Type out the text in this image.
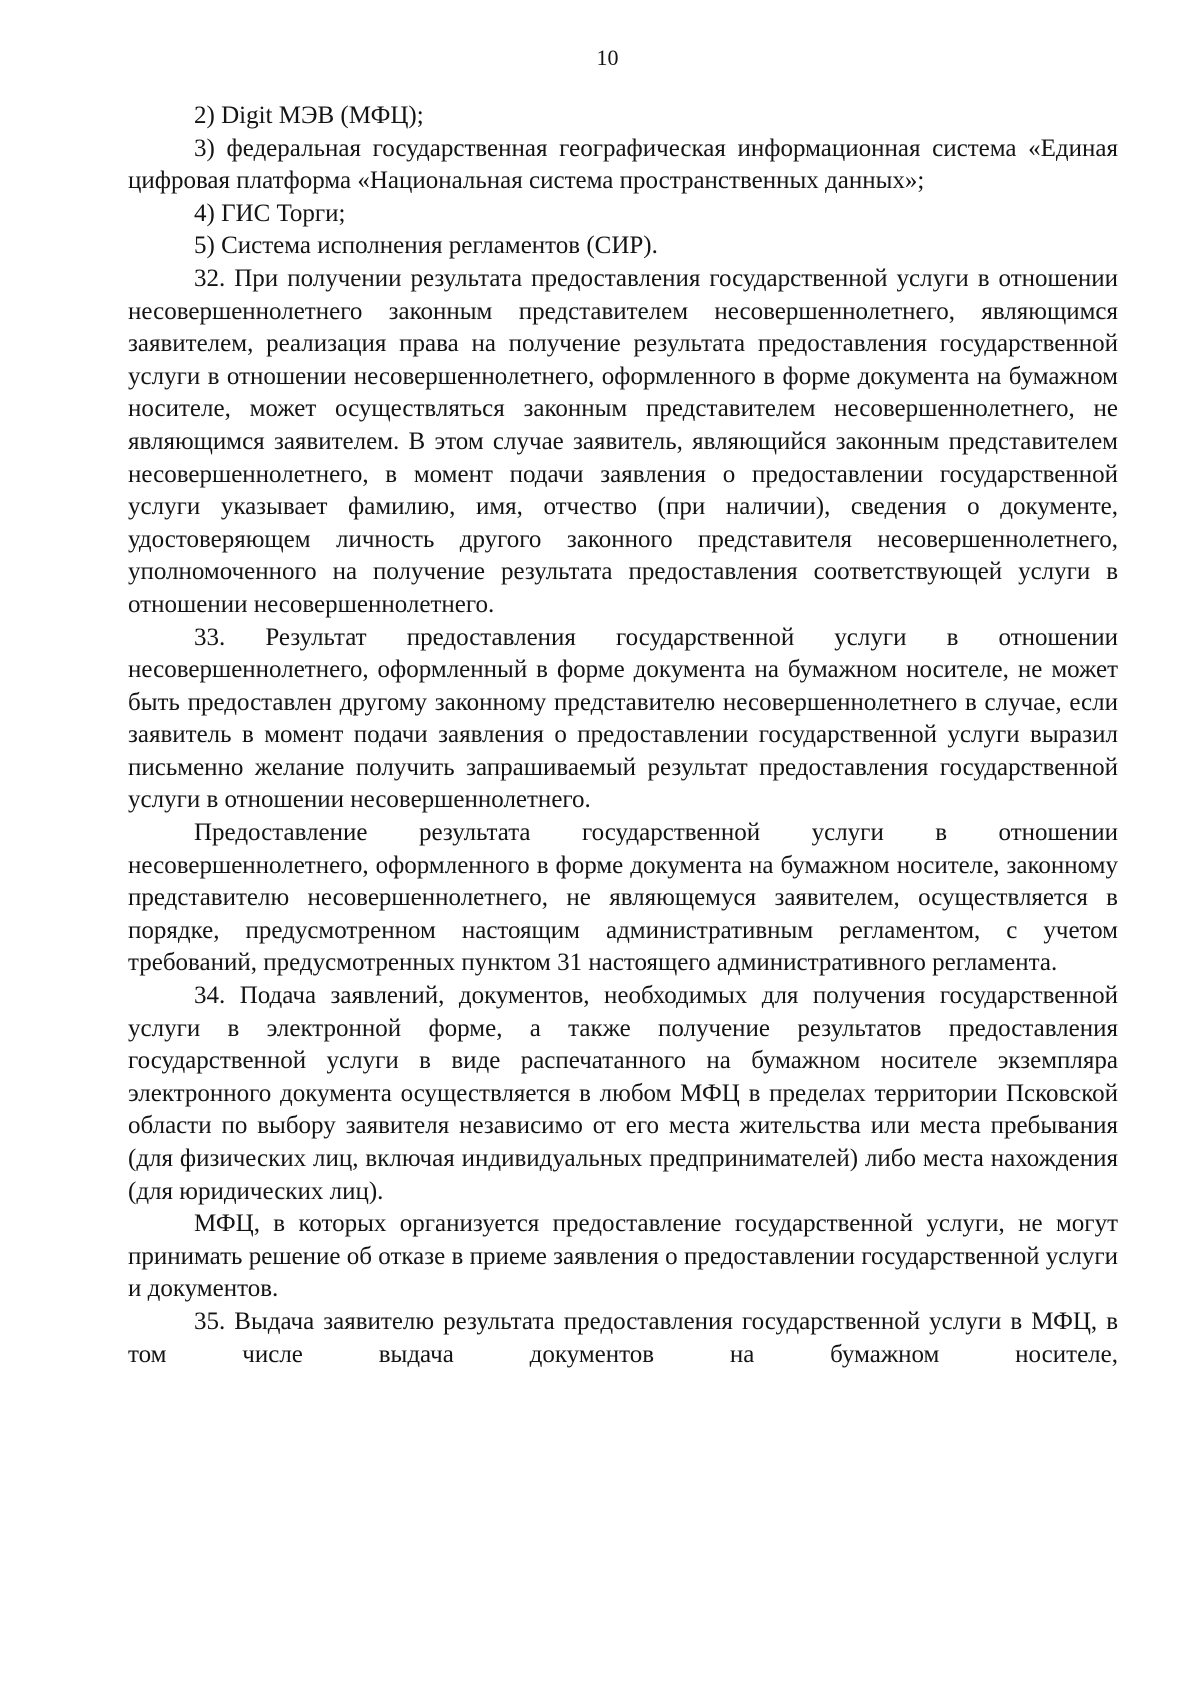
10

2) Digit МЭВ (МФЦ);

3) федеральная государственная географическая информационная система «Единая цифровая платформа «Национальная система пространственных данных»;

4) ГИС Торги;

5) Система исполнения регламентов (СИР).

32. При получении результата предоставления государственной услуги в отношении несовершеннолетнего законным представителем несовершеннолетнего, являющимся заявителем, реализация права на получение результата предоставления государственной услуги в отношении несовершеннолетнего, оформленного в форме документа на бумажном носителе, может осуществляться законным представителем несовершеннолетнего, не являющимся заявителем. В этом случае заявитель, являющийся законным представителем несовершеннолетнего, в момент подачи заявления о предоставлении государственной услуги указывает фамилию, имя, отчество (при наличии), сведения о документе, удостоверяющем личность другого законного представителя несовершеннолетнего, уполномоченного на получение результата предоставления соответствующей услуги в отношении несовершеннолетнего.

33. Результат предоставления государственной услуги в отношении несовершеннолетнего, оформленный в форме документа на бумажном носителе, не может быть предоставлен другому законному представителю несовершеннолетнего в случае, если заявитель в момент подачи заявления о предоставлении государственной услуги выразил письменно желание получить запрашиваемый результат предоставления государственной услуги в отношении несовершеннолетнего.

Предоставление результата государственной услуги в отношении несовершеннолетнего, оформленного в форме документа на бумажном носителе, законному представителю несовершеннолетнего, не являющемуся заявителем, осуществляется в порядке, предусмотренном настоящим административным регламентом, с учетом требований, предусмотренных пунктом 31 настоящего административного регламента.

34. Подача заявлений, документов, необходимых для получения государственной услуги в электронной форме, а также получение результатов предоставления государственной услуги в виде распечатанного на бумажном носителе экземпляра электронного документа осуществляется в любом МФЦ в пределах территории Псковской области по выбору заявителя независимо от его места жительства или места пребывания (для физических лиц, включая индивидуальных предпринимателей) либо места нахождения (для юридических лиц).

МФЦ, в которых организуется предоставление государственной услуги, не могут принимать решение об отказе в приеме заявления о предоставлении государственной услуги и документов.

35. Выдача заявителю результата предоставления государственной услуги в МФЦ, в том числе выдача документов на бумажном носителе,
